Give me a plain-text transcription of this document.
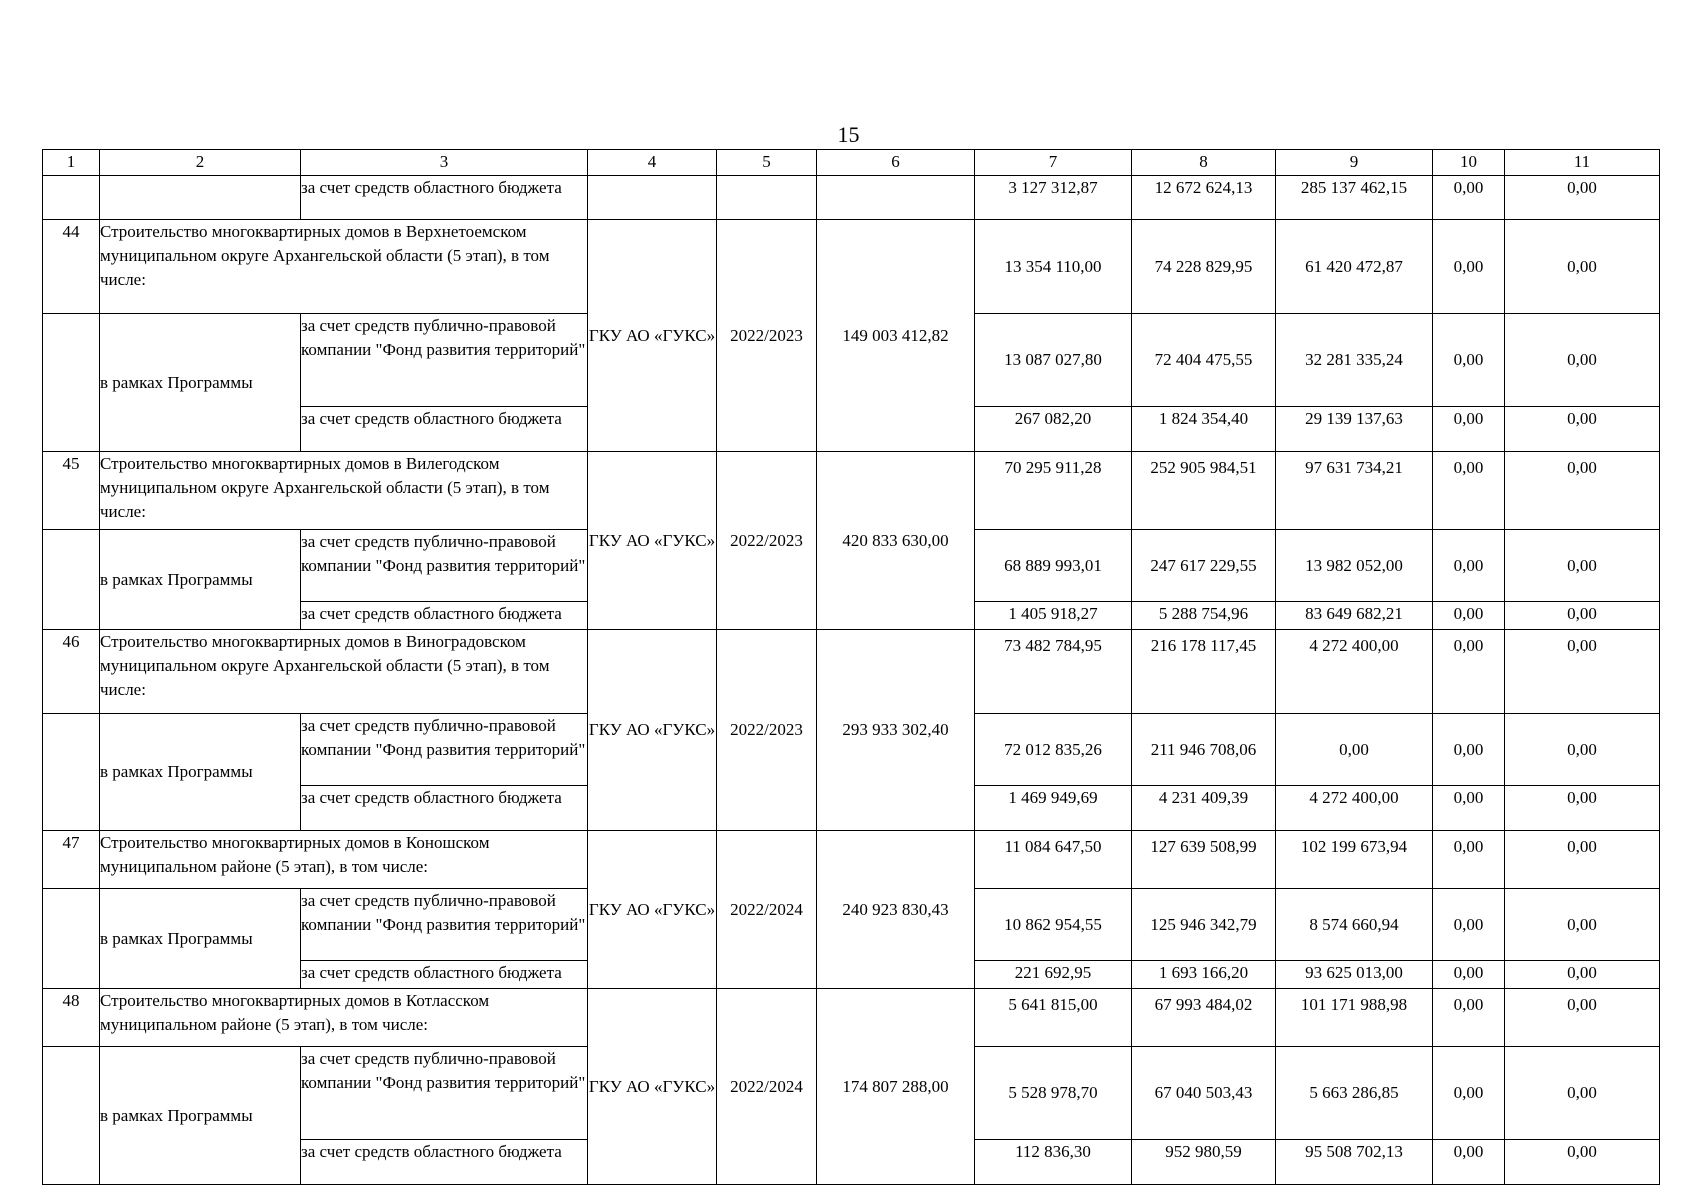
15
1	2	3	4	5	6	7	8	9	10	11
		за счет средств областного бюджета				3 127 312,87	12 672 624,13	285 137 462,15	0,00	0,00
44	Строительство многоквартирных домов в Верхнетоемском муниципальном округе Архангельской области (5 этап), в том числе:		ГКУ АО «ГУКС»	2022/2023	149 003 412,82	13 354 110,00	74 228 829,95	61 420 472,87	0,00	0,00
	в рамках Программы	за счет средств публично-правовой компании "Фонд развития территорий"				13 087 027,80	72 404 475,55	32 281 335,24	0,00	0,00
		за счет средств областного бюджета				267 082,20	1 824 354,40	29 139 137,63	0,00	0,00
45	Строительство многоквартирных домов в Вилегодском муниципальном округе Архангельской области (5 этап), в том числе:		ГКУ АО «ГУКС»	2022/2023	420 833 630,00	70 295 911,28	252 905 984,51	97 631 734,21	0,00	0,00
	в рамках Программы	за счет средств публично-правовой компании "Фонд развития территорий"				68 889 993,01	247 617 229,55	13 982 052,00	0,00	0,00
		за счет средств областного бюджета				1 405 918,27	5 288 754,96	83 649 682,21	0,00	0,00
46	Строительство многоквартирных домов в Виноградовском муниципальном округе Архангельской области (5 этап), в том числе:		ГКУ АО «ГУКС»	2022/2023	293 933 302,40	73 482 784,95	216 178 117,45	4 272 400,00	0,00	0,00
	в рамках Программы	за счет средств публично-правовой компании "Фонд развития территорий"				72 012 835,26	211 946 708,06	0,00	0,00	0,00
		за счет средств областного бюджета				1 469 949,69	4 231 409,39	4 272 400,00	0,00	0,00
47	Строительство многоквартирных домов в Коношском муниципальном районе (5 этап), в том числе:		ГКУ АО «ГУКС»	2022/2024	240 923 830,43	11 084 647,50	127 639 508,99	102 199 673,94	0,00	0,00
	в рамках Программы	за счет средств публично-правовой компании "Фонд развития территорий"				10 862 954,55	125 946 342,79	8 574 660,94	0,00	0,00
		за счет средств областного бюджета				221 692,95	1 693 166,20	93 625 013,00	0,00	0,00
48	Строительство многоквартирных домов в Котласском муниципальном районе (5 этап), в том числе:		ГКУ АО «ГУКС»	2022/2024	174 807 288,00	5 641 815,00	67 993 484,02	101 171 988,98	0,00	0,00
	в рамках Программы	за счет средств публично-правовой компании "Фонд развития территорий"				5 528 978,70	67 040 503,43	5 663 286,85	0,00	0,00
		за счет средств областного бюджета				112 836,30	952 980,59	95 508 702,13	0,00	0,00
